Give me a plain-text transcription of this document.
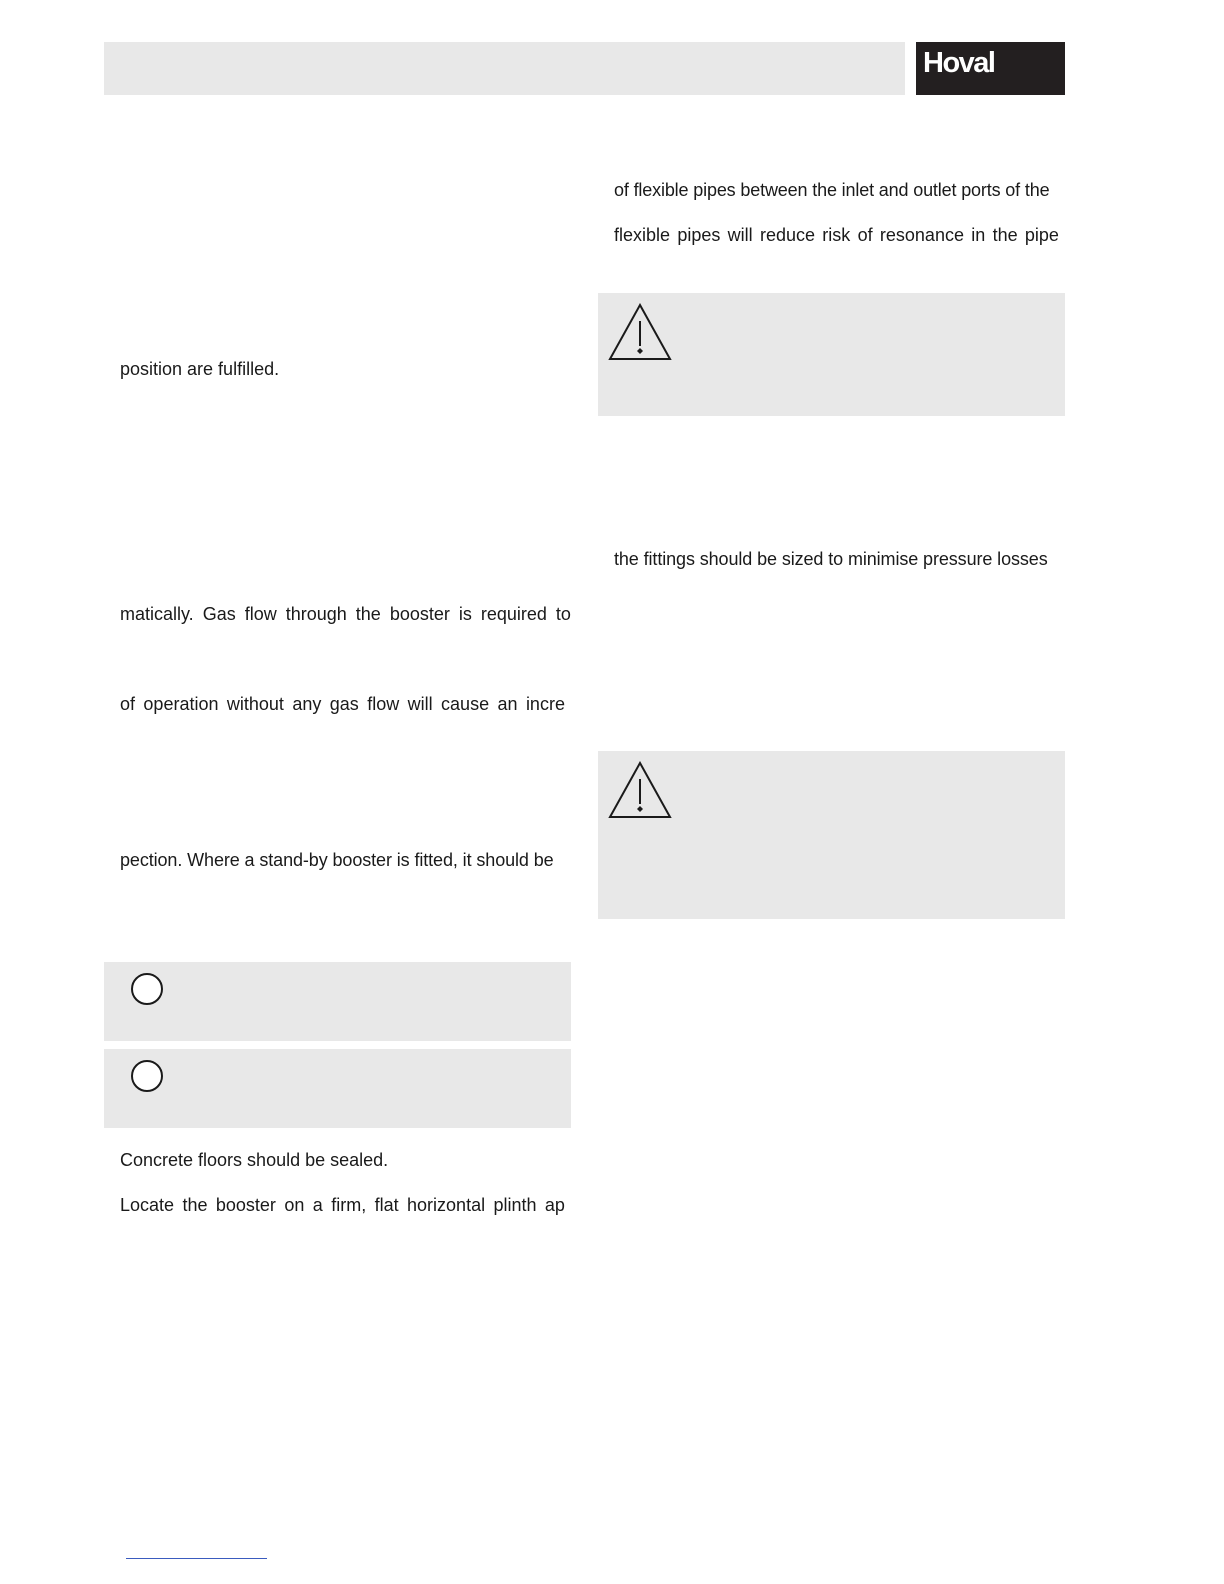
Hoval
of flexible pipes between the inlet and outlet ports of the
flexible pipes will reduce risk of resonance in the pipe
position are fulfilled.
the fittings should be sized to minimise pressure losses
matically. Gas flow through the booster is required to
of operation without any gas flow will cause an incre
pection. Where a stand-by booster is fitted, it should be
Concrete floors should be sealed.
Locate the booster on a firm, flat horizontal plinth ap
